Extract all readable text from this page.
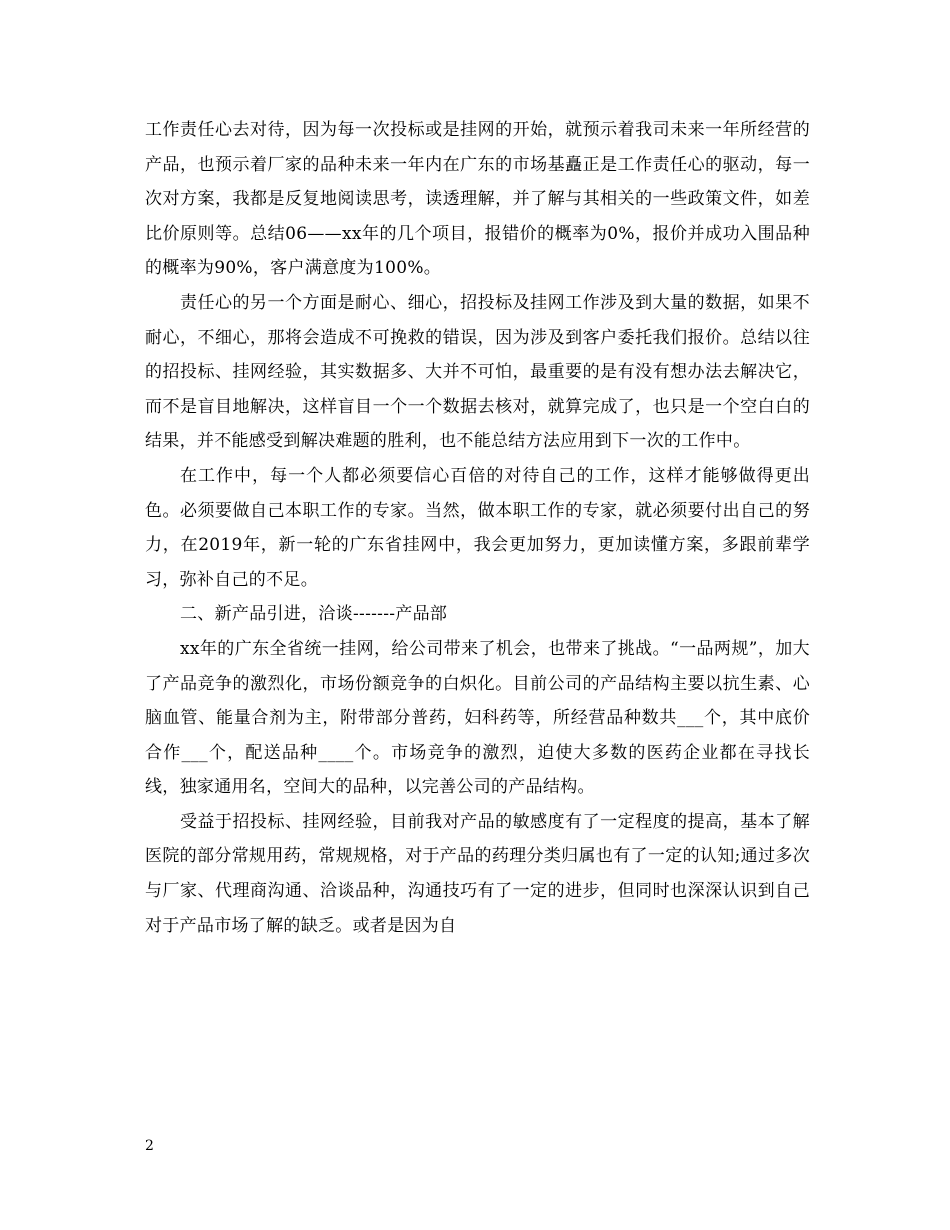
工作责任心去对待，因为每一次投标或是挂网的开始，就预示着我司未来一年所经营的产品，也预示着厂家的品种未来一年内在广东的市场基矗正是工作责任心的驱动，每一次对方案，我都是反复地阅读思考，读透理解，并了解与其相关的一些政策文件，如差比价原则等。总结06——xx年的几个项目，报错价的概率为0%，报价并成功入围品种的概率为90%，客户满意度为100%。

责任心的另一个方面是耐心、细心，招投标及挂网工作涉及到大量的数据，如果不耐心，不细心，那将会造成不可挽救的错误，因为涉及到客户委托我们报价。总结以往的招投标、挂网经验，其实数据多、大并不可怕，最重要的是有没有想办法去解决它，而不是盲目地解决，这样盲目一个一个数据去核对，就算完成了，也只是一个空白白的结果，并不能感受到解决难题的胜利，也不能总结方法应用到下一次的工作中。

在工作中，每一个人都必须要信心百倍的对待自己的工作，这样才能够做得更出色。必须要做自己本职工作的专家。当然，做本职工作的专家，就必须要付出自己的努力，在2019年，新一轮的广东省挂网中，我会更加努力，更加读懂方案，多跟前辈学习，弥补自己的不足。

二、新产品引进，洽谈-------产品部

xx年的广东全省统一挂网，给公司带来了机会，也带来了挑战。“一品两规”，加大了产品竞争的激烈化，市场份额竞争的白炽化。目前公司的产品结构主要以抗生素、心脑血管、能量合剂为主，附带部分普药，妇科药等，所经营品种数共___个，其中底价合作___个，配送品种____个。市场竞争的激烈，迫使大多数的医药企业都在寻找长线，独家通用名，空间大的品种，以完善公司的产品结构。

受益于招投标、挂网经验，目前我对产品的敏感度有了一定程度的提高，基本了解医院的部分常规用药，常规规格，对于产品的药理分类归属也有了一定的认知;通过多次与厂家、代理商沟通、洽谈品种，沟通技巧有了一定的进步，但同时也深深认识到自己对于产品市场了解的缺乏。或者是因为自

2
